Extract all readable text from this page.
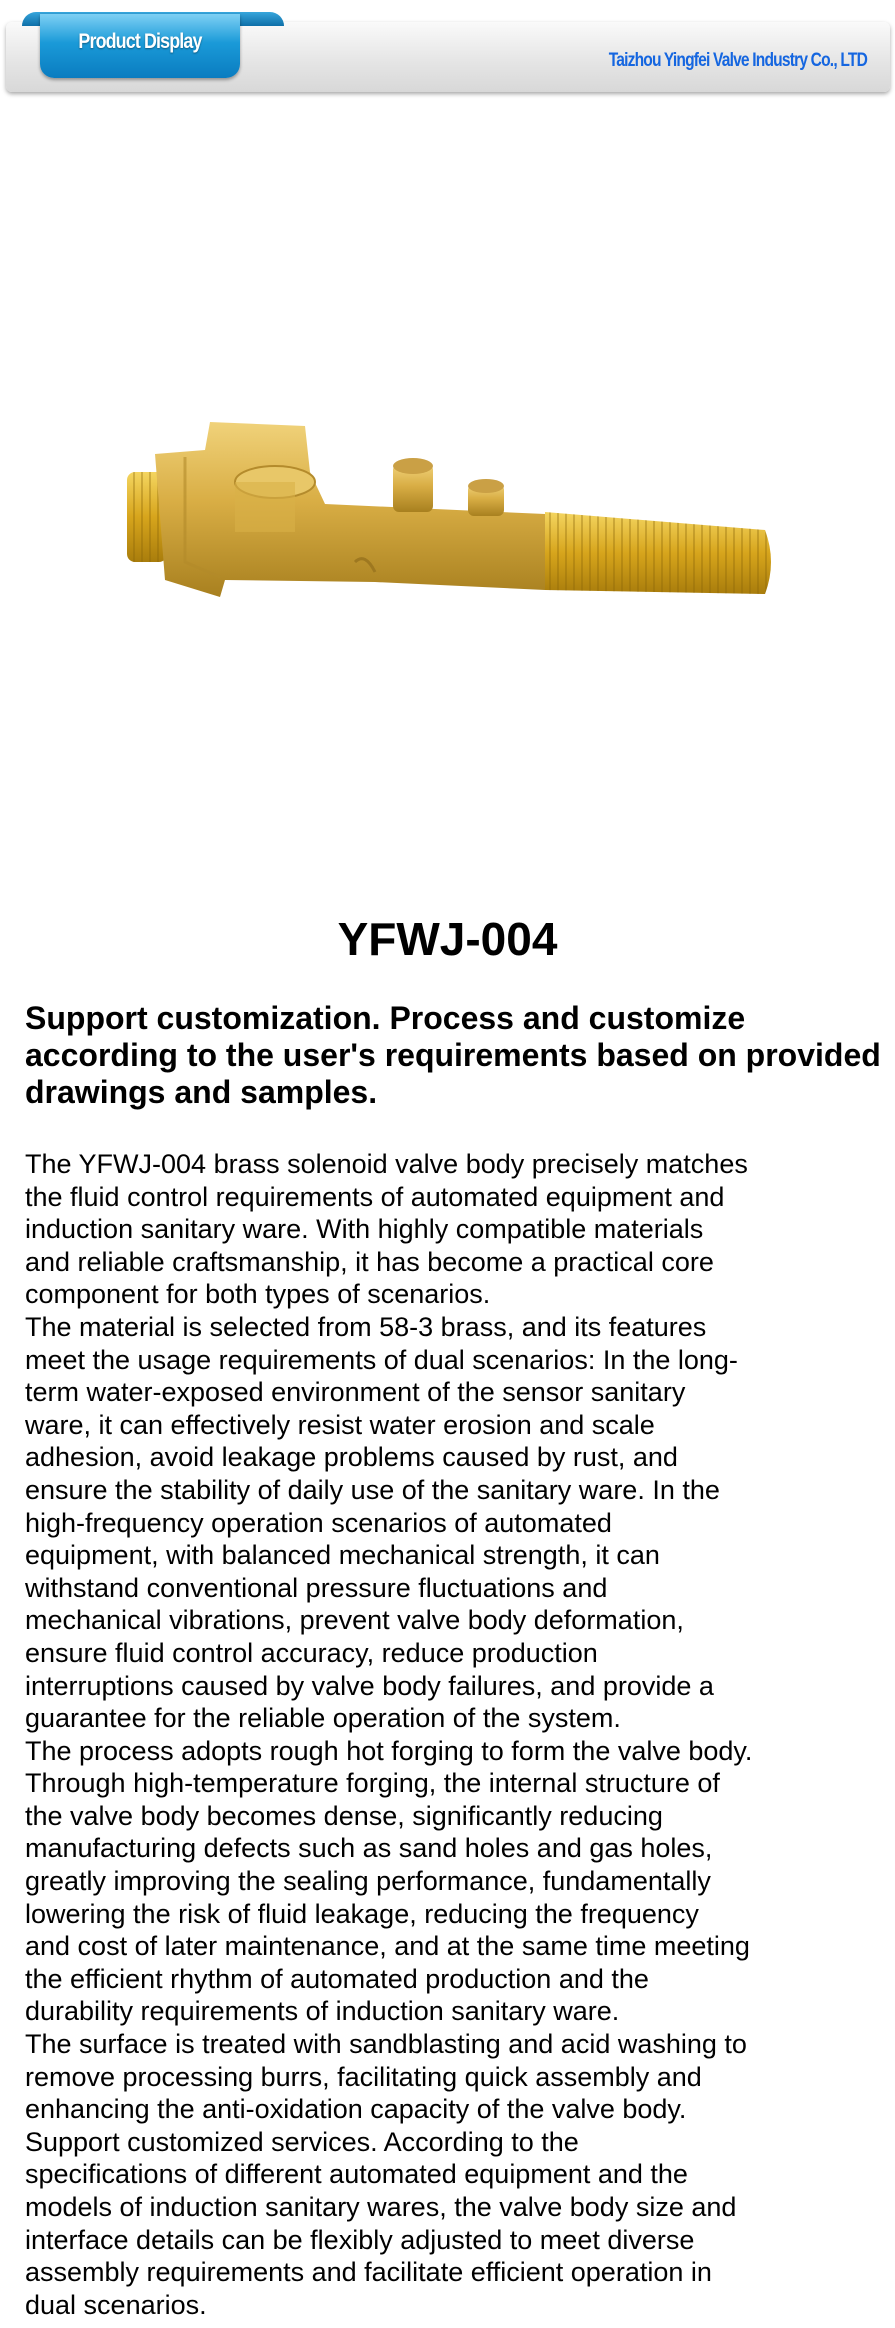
Product Display
Taizhou Yingfei Valve Industry Co., LTD
YFWJ-004
Support customization. Process and customize according to the user's requirements based on provided drawings and samples.
The YFWJ-004 brass solenoid valve body precisely matches
the fluid control requirements of automated equipment and
induction sanitary ware. With highly compatible materials
and reliable craftsmanship, it has become a practical core
component for both types of scenarios.
The material is selected from 58-3 brass, and its features
meet the usage requirements of dual scenarios: In the long-
term water-exposed environment of the sensor sanitary
ware, it can effectively resist water erosion and scale
adhesion, avoid leakage problems caused by rust, and
ensure the stability of daily use of the sanitary ware. In the
high-frequency operation scenarios of automated
equipment, with balanced mechanical strength, it can
withstand conventional pressure fluctuations and
mechanical vibrations, prevent valve body deformation,
ensure fluid control accuracy, reduce production
interruptions caused by valve body failures, and provide a
guarantee for the reliable operation of the system.
The process adopts rough hot forging to form the valve body.
Through high-temperature forging, the internal structure of
the valve body becomes dense, significantly reducing
manufacturing defects such as sand holes and gas holes,
greatly improving the sealing performance, fundamentally
lowering the risk of fluid leakage, reducing the frequency
and cost of later maintenance, and at the same time meeting
the efficient rhythm of automated production and the
durability requirements of induction sanitary ware.
The surface is treated with sandblasting and acid washing to
remove processing burrs, facilitating quick assembly and
enhancing the anti-oxidation capacity of the valve body.
Support customized services. According to the
specifications of different automated equipment and the
models of induction sanitary wares, the valve body size and
interface details can be flexibly adjusted to meet diverse
assembly requirements and facilitate efficient operation in
dual scenarios.
